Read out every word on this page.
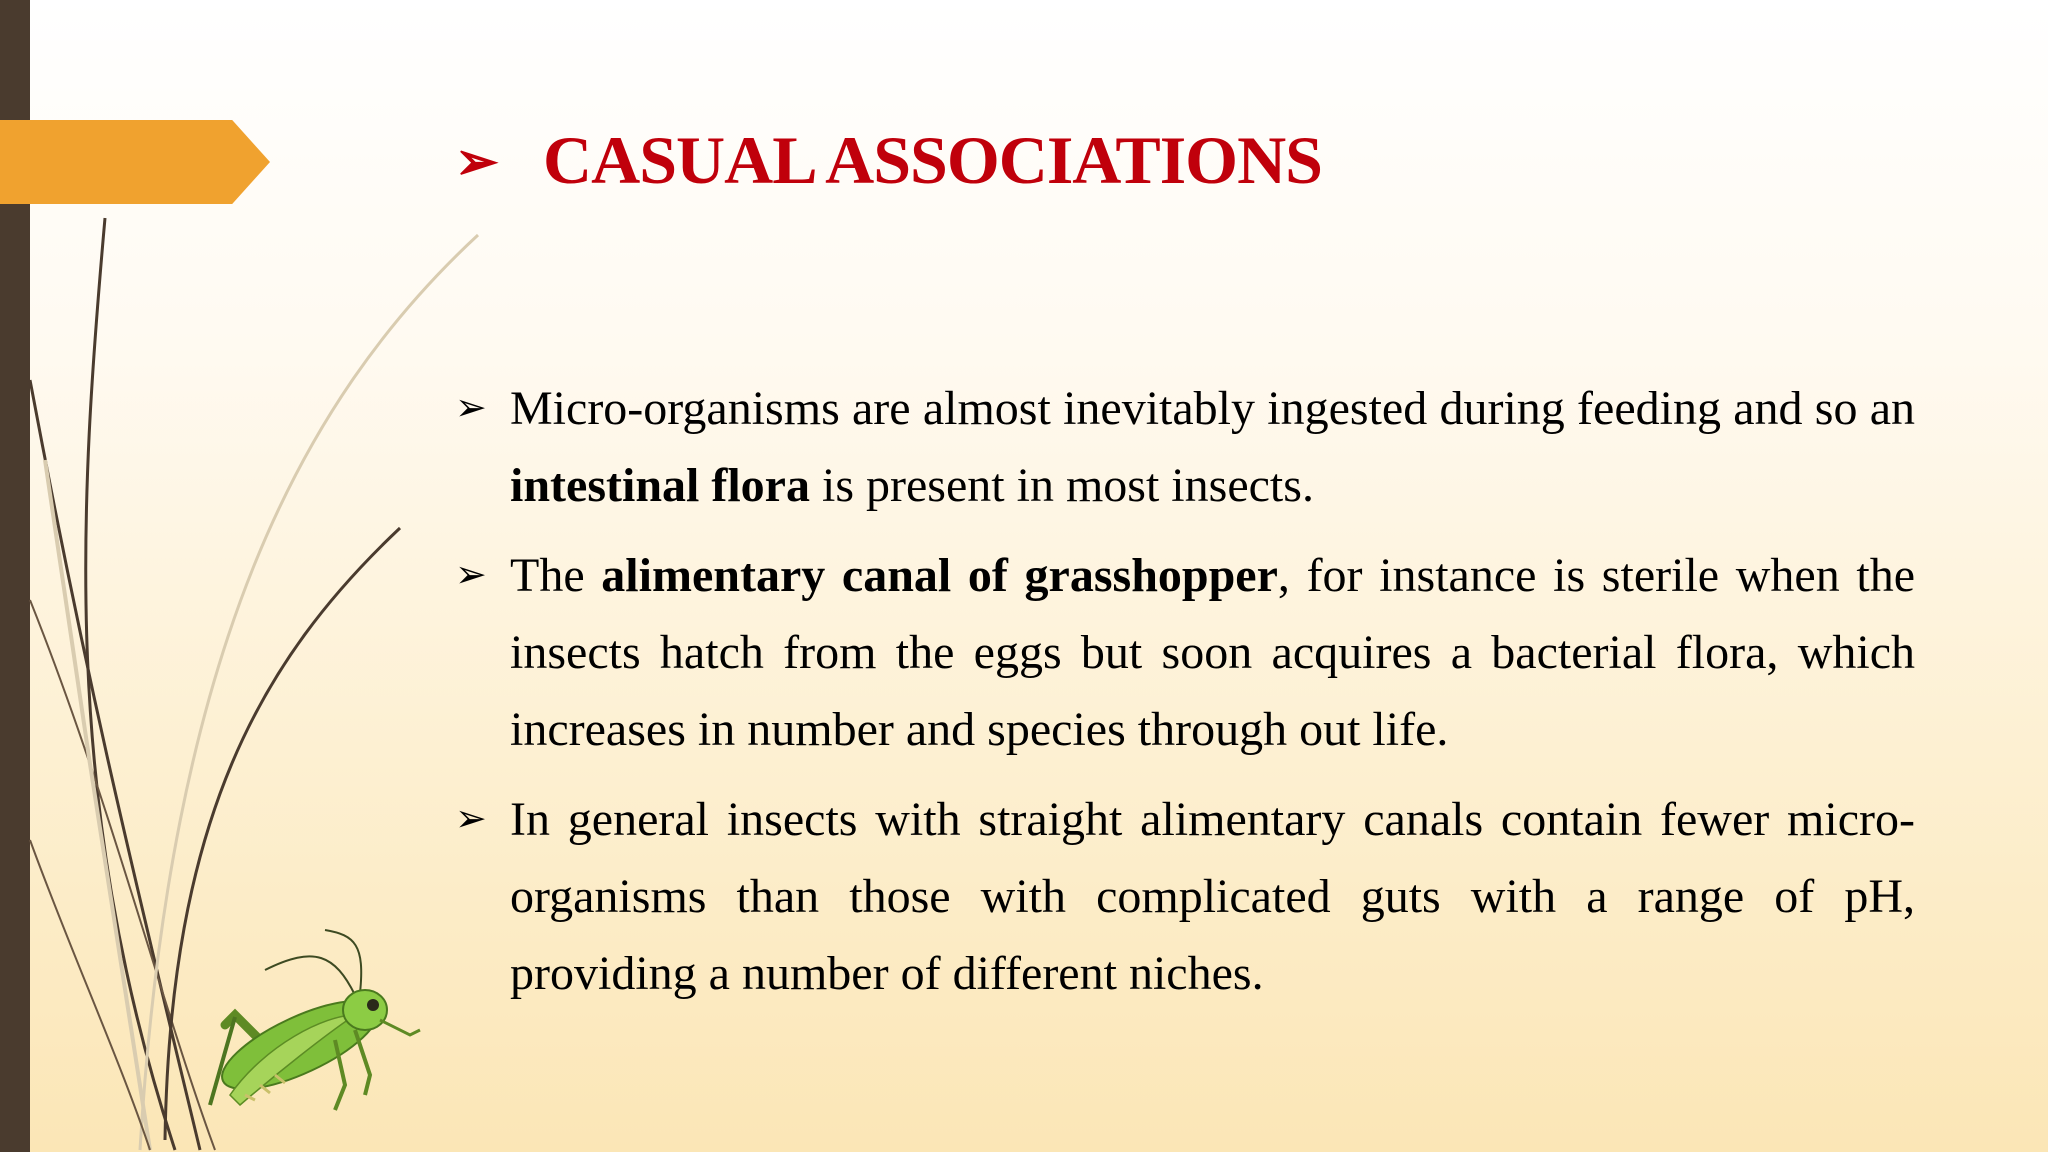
➢ CASUAL ASSOCIATIONS
➢ Micro-organisms are almost inevitably ingested during feeding and so an intestinal flora is present in most insects.
➢ The alimentary canal of grasshopper, for instance is sterile when the insects hatch from the eggs but soon acquires a bacterial flora, which increases in number and species through out life.
➢ In general insects with straight alimentary canals contain fewer micro-organisms than those with complicated guts with a range of pH, providing a number of different niches.
